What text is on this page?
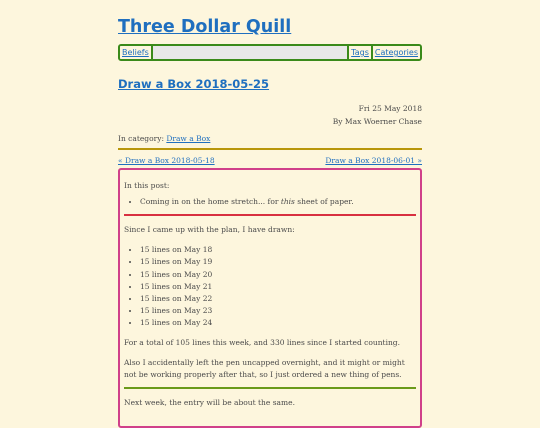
Three Dollar Quill
Beliefs	Tags Categories
Draw a Box 2018-05-25
Fri 25 May 2018
By Max Woerner Chase
In category: Draw a Box
« Draw a Box 2018-05-18	Draw a Box 2018-06-01 »

In this post:

• Coming in on the home stretch... for this sheet of paper.

Since I came up with the plan, I have drawn:

• 15 lines on May 18
• 15 lines on May 19
• 15 lines on May 20
• 15 lines on May 21
• 15 lines on May 22
• 15 lines on May 23
• 15 lines on May 24

For a total of 105 lines this week, and 330 lines since I started counting.

Also I accidentally left the pen uncapped overnight, and it might or might not be working properly after that, so I just ordered a new thing of pens.

Next week, the entry will be about the same.
